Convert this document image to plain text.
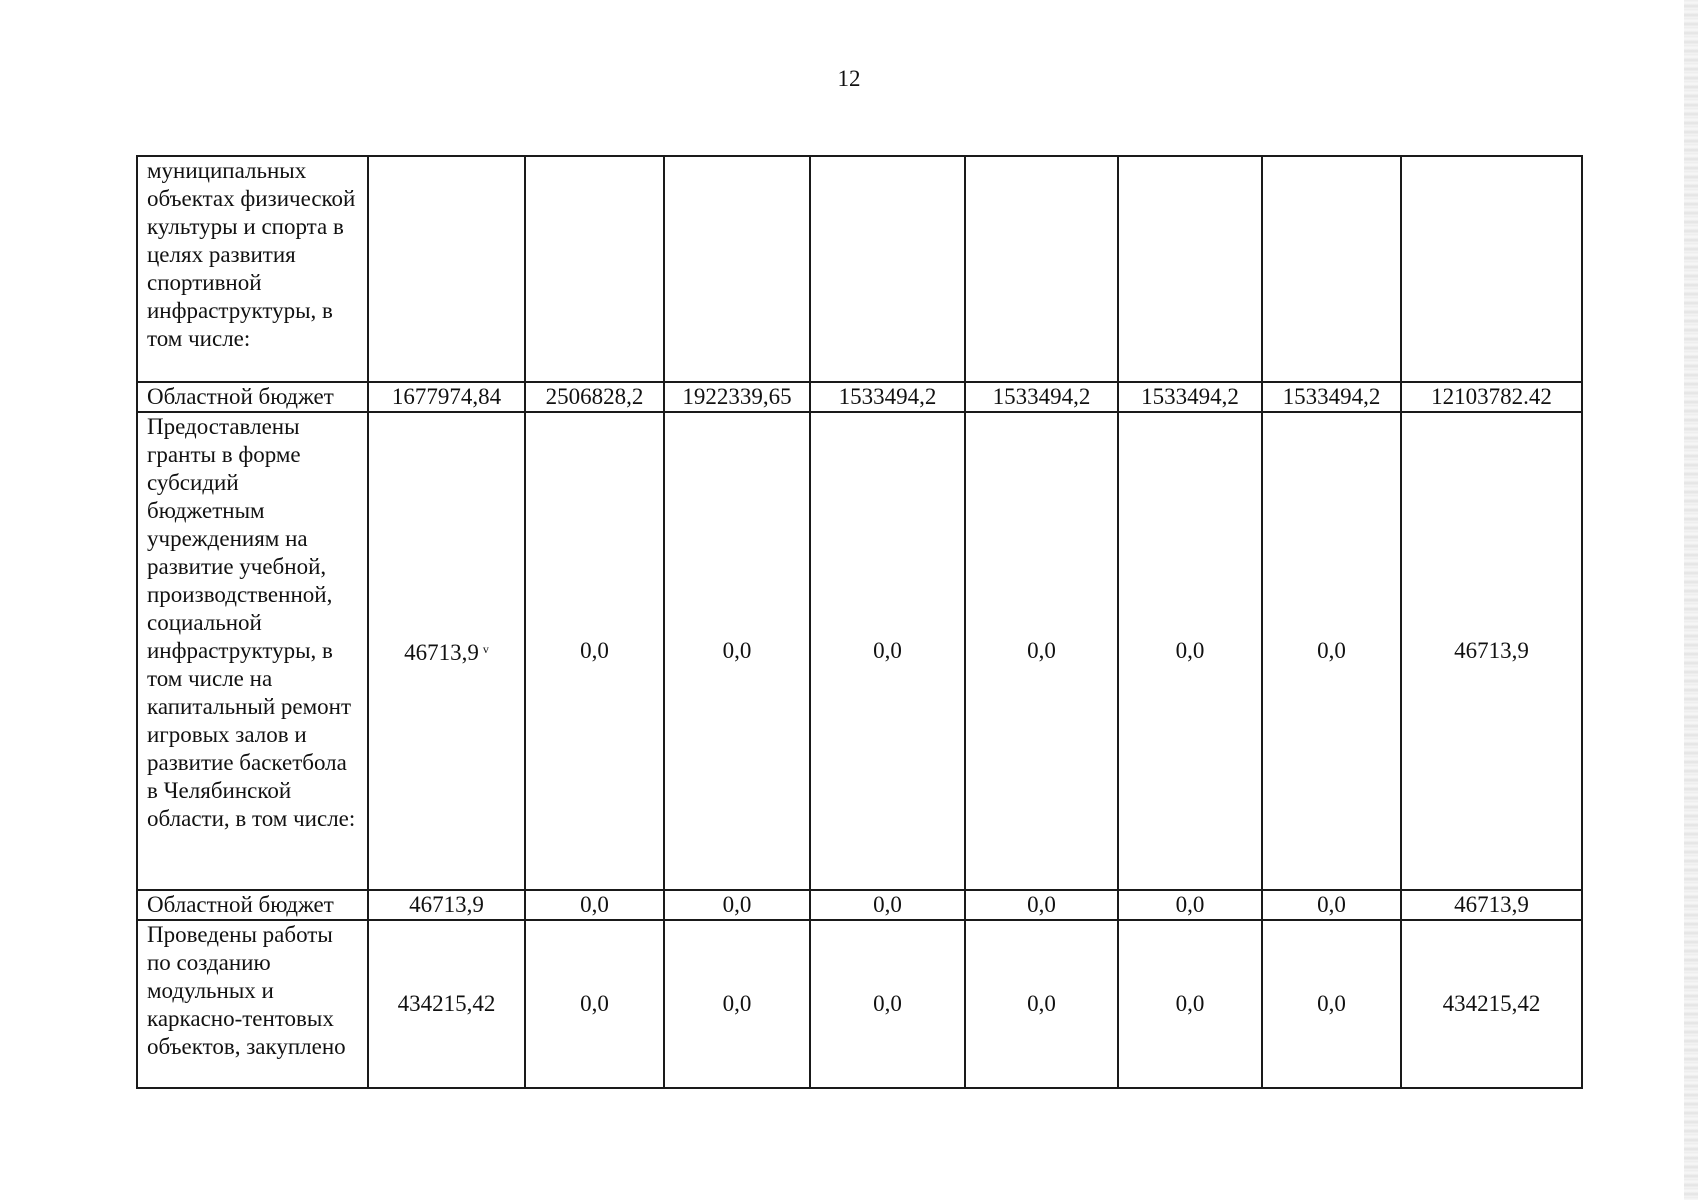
12
муниципальных объектах физической культуры и спорта в целях развития спортивной инфраструктуры, в том числе:								
Областной бюджет	1677974,84	2506828,2	1922339,65	1533494,2	1533494,2	1533494,2	1533494,2	12103782.42
Предоставлены гранты в форме субсидий бюджетным учреждениям на развитие учебной, производственной, социальной инфраструктуры, в том числе на капитальный ремонт игровых залов и развитие баскетбола в Челябинской области, в том числе:	46713,9 $^v$	0,0	0,0	0,0	0,0	0,0	0,0	46713,9
Областной бюджет	46713,9	0,0	0,0	0,0	0,0	0,0	0,0	46713,9
Проведены работы по созданию модульных и каркасно-тентовых объектов, закуплено	434215,42	0,0	0,0	0,0	0,0	0,0	0,0	434215,42
